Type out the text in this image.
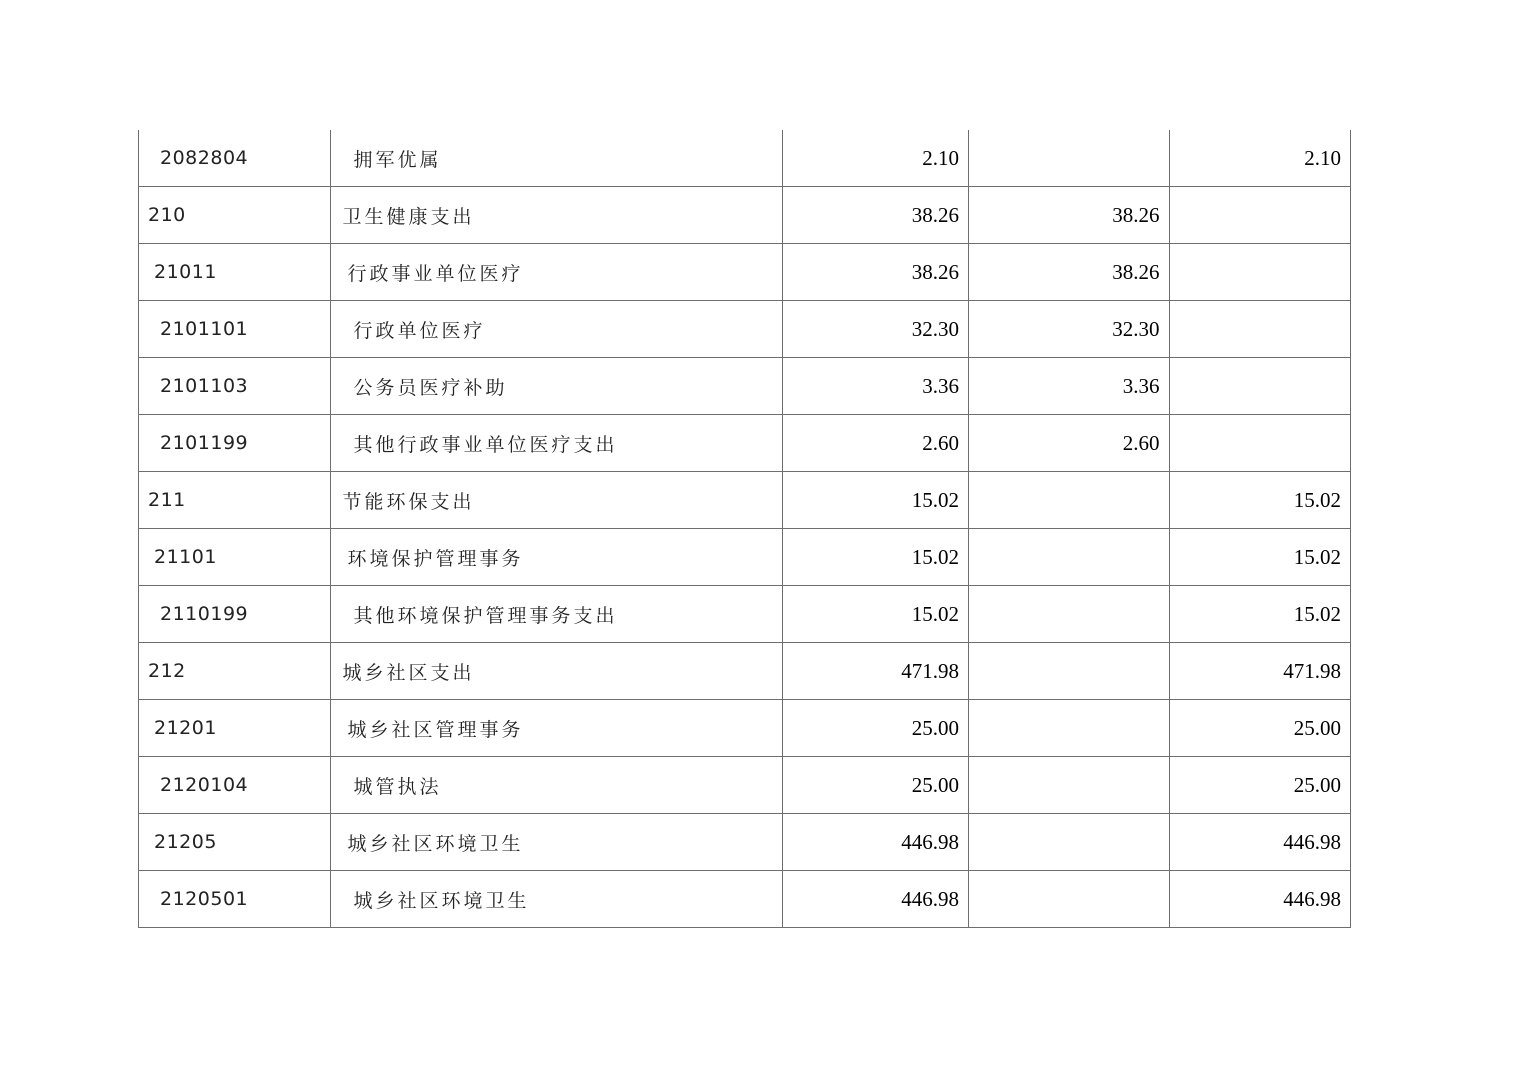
2082804	拥军优属	2.10		2.10
210	卫生健康支出	38.26	38.26	
21011	行政事业单位医疗	38.26	38.26	
2101101	行政单位医疗	32.30	32.30	
2101103	公务员医疗补助	3.36	3.36	
2101199	其他行政事业单位医疗支出	2.60	2.60	
211	节能环保支出	15.02		15.02
21101	环境保护管理事务	15.02		15.02
2110199	其他环境保护管理事务支出	15.02		15.02
212	城乡社区支出	471.98		471.98
21201	城乡社区管理事务	25.00		25.00
2120104	城管执法	25.00		25.00
21205	城乡社区环境卫生	446.98		446.98
2120501	城乡社区环境卫生	446.98		446.98
